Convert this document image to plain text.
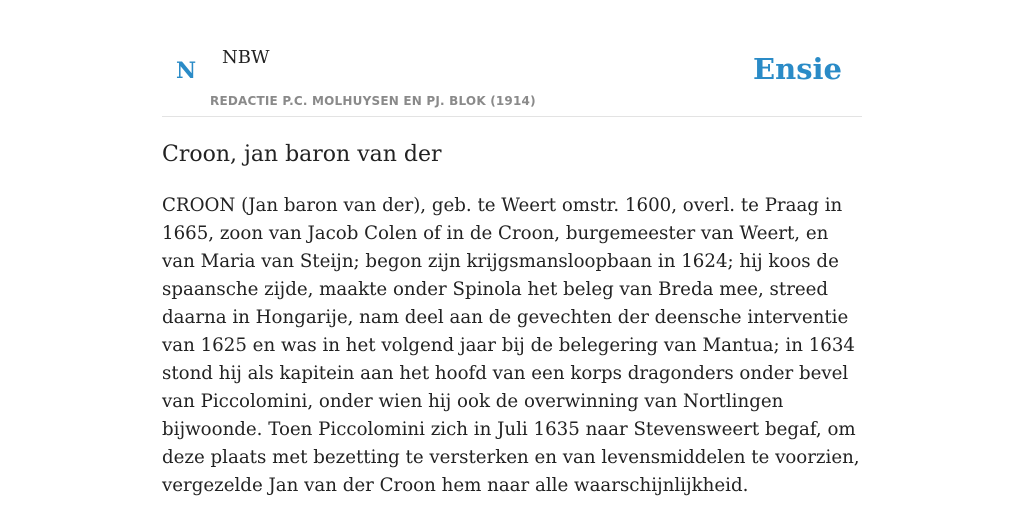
N
NBW
REDACTIE P.C. MOLHUYSEN EN PJ. BLOK (1914)
Ensie
Croon, jan baron van der

CROON (Jan baron van der), geb. te Weert omstr. 1600, overl. te Praag in 1665, zoon van Jacob Colen of in de Croon, burgemeester van Weert, en van Maria van Steijn; begon zijn krijgsmansloopbaan in 1624; hij koos de spaansche zijde, maakte onder Spinola het beleg van Breda mee, streed daarna in Hongarije, nam deel aan de gevechten der deensche interventie van 1625 en was in het volgend jaar bij de belegering van Mantua; in 1634 stond hij als kapitein aan het hoofd van een korps dragonders onder bevel van Piccolomini, onder wien hij ook de overwinning van Nortlingen bijwoonde. Toen Piccolomini zich in Juli 1635 naar Stevensweert begaf, om deze plaats met bezetting te versterken en van levensmiddelen te voorzien, vergezelde Jan van der Croon hem naar alle waarschijnlijkheid.
